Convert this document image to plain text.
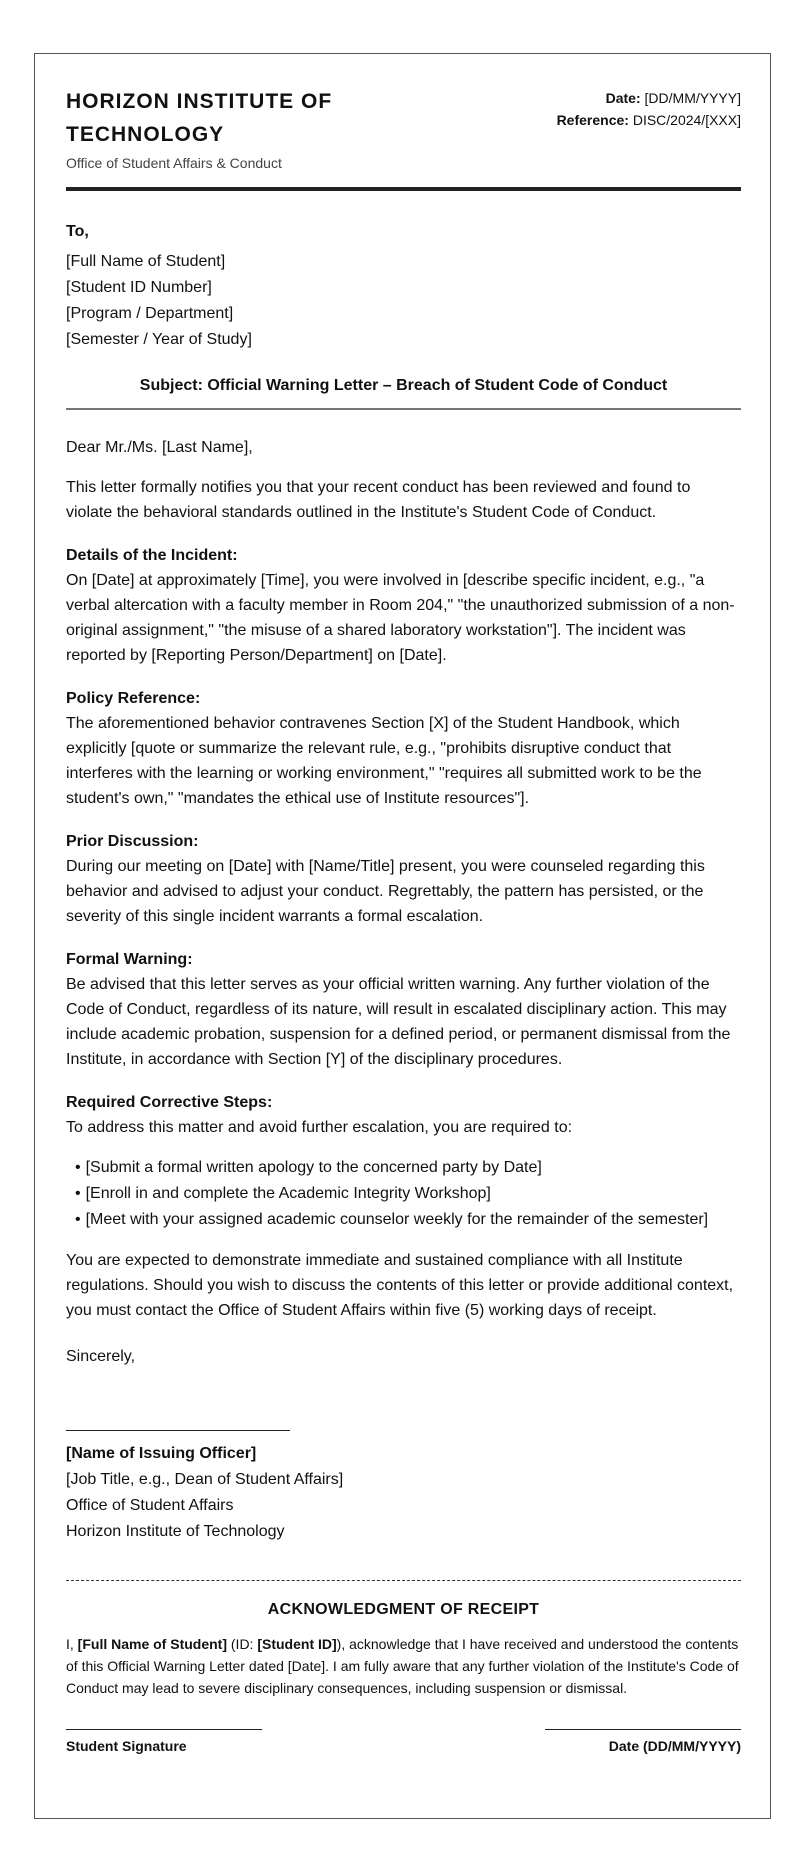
HORIZON INSTITUTE OF TECHNOLOGY
Office of Student Affairs & Conduct
Date: [DD/MM/YYYY]
Reference: DISC/2024/[XXX]
To,
[Full Name of Student]
[Student ID Number]
[Program / Department]
[Semester / Year of Study]
Subject: Official Warning Letter – Breach of Student Code of Conduct

Dear Mr./Ms. [Last Name],

This letter formally notifies you that your recent conduct has been reviewed and found to violate the behavioral standards outlined in the Institute's Student Code of Conduct.

Details of the Incident:

On [Date] at approximately [Time], you were involved in [describe specific incident, e.g., "a verbal altercation with a faculty member in Room 204," "the unauthorized submission of a non-original assignment," "the misuse of a shared laboratory workstation"]. The incident was reported by [Reporting Person/Department] on [Date].

Policy Reference:

The aforementioned behavior contravenes Section [X] of the Student Handbook, which explicitly [quote or summarize the relevant rule, e.g., "prohibits disruptive conduct that interferes with the learning or working environment," "requires all submitted work to be the student's own," "mandates the ethical use of Institute resources"].

Prior Discussion:

During our meeting on [Date] with [Name/Title] present, you were counseled regarding this behavior and advised to adjust your conduct. Regrettably, the pattern has persisted, or the severity of this single incident warrants a formal escalation.

Formal Warning:

Be advised that this letter serves as your official written warning. Any further violation of the Code of Conduct, regardless of its nature, will result in escalated disciplinary action. This may include academic probation, suspension for a defined period, or permanent dismissal from the Institute, in accordance with Section [Y] of the disciplinary procedures.

Required Corrective Steps:

To address this matter and avoid further escalation, you are required to:

• [Submit a formal written apology to the concerned party by Date]
• [Enroll in and complete the Academic Integrity Workshop]
• [Meet with your assigned academic counselor weekly for the remainder of the semester]

You are expected to demonstrate immediate and sustained compliance with all Institute regulations. Should you wish to discuss the contents of this letter or provide additional context, you must contact the Office of Student Affairs within five (5) working days of receipt.

Sincerely,
[Name of Issuing Officer]
[Job Title, e.g., Dean of Student Affairs]
Office of Student Affairs
Horizon Institute of Technology
ACKNOWLEDGMENT OF RECEIPT
I, [Full Name of Student] (ID: [Student ID]), acknowledge that I have received and understood the contents of this Official Warning Letter dated [Date]. I am fully aware that any further violation of the Institute's Code of Conduct may lead to severe disciplinary consequences, including suspension or dismissal.
Student Signature	Date (DD/MM/YYYY)
